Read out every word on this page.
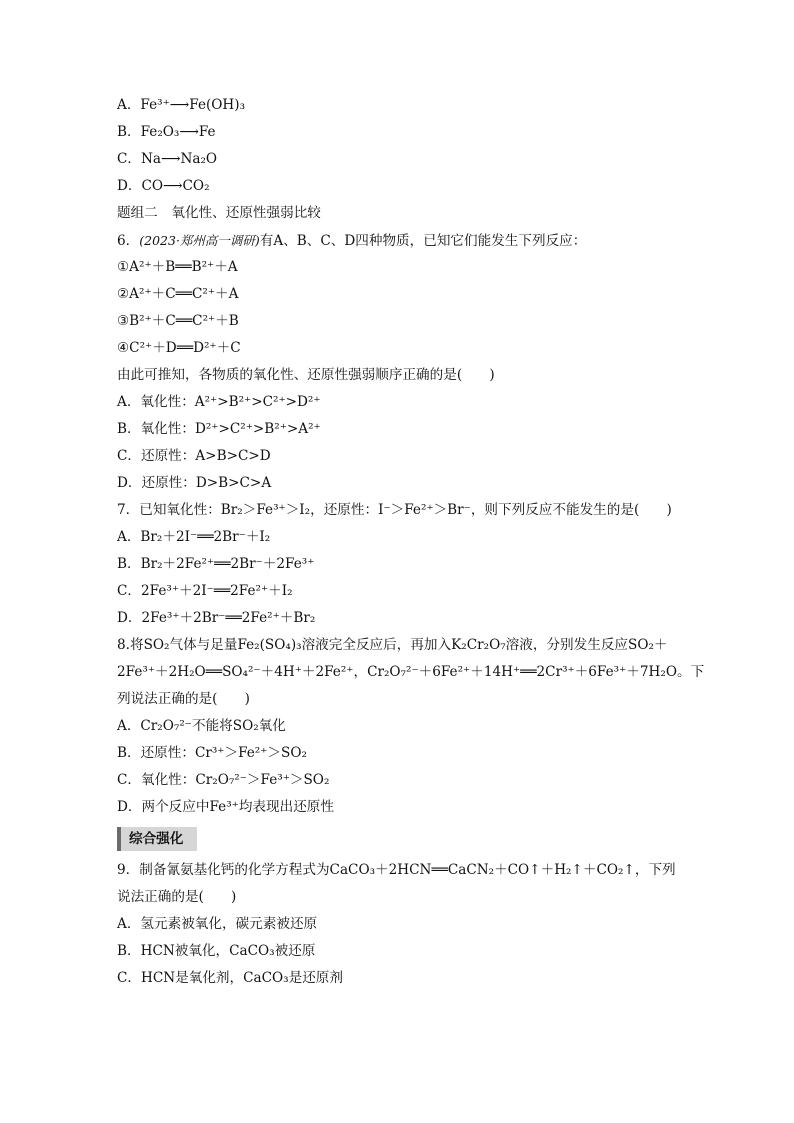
A．Fe³⁺⟶Fe(OH)₃
B．Fe₂O₃⟶Fe
C．Na⟶Na₂O
D．CO⟶CO₂
题组二　氧化性、还原性强弱比较
6．(2023·郑州高一调研)有A、B、C、D四种物质，已知它们能发生下列反应：
①A²⁺＋B══B²⁺＋A
②A²⁺＋C══C²⁺＋A
③B²⁺＋C══C²⁺＋B
④C²⁺＋D══D²⁺＋C
由此可推知，各物质的氧化性、还原性强弱顺序正确的是(　　)
A．氧化性：A²⁺>B²⁺>C²⁺>D²⁺
B．氧化性：D²⁺>C²⁺>B²⁺>A²⁺
C．还原性：A>B>C>D
D．还原性：D>B>C>A
7．已知氧化性：Br₂＞Fe³⁺＞I₂，还原性：I⁻＞Fe²⁺＞Br⁻，则下列反应不能发生的是(　　)
A．Br₂＋2I⁻══2Br⁻＋I₂
B．Br₂＋2Fe²⁺══2Br⁻＋2Fe³⁺
C．2Fe³⁺＋2I⁻══2Fe²⁺＋I₂
D．2Fe³⁺＋2Br⁻══2Fe²⁺＋Br₂
8.将SO₂气体与足量Fe₂(SO₄)₃溶液完全反应后，再加入K₂Cr₂O₇溶液，分别发生反应SO₂＋
2Fe³⁺＋2H₂O══SO₄²⁻＋4H⁺＋2Fe²⁺，Cr₂O₇²⁻＋6Fe²⁺＋14H⁺══2Cr³⁺＋6Fe³⁺＋7H₂O。下
列说法正确的是(　　)
A．Cr₂O₇²⁻不能将SO₂氧化
B．还原性：Cr³⁺＞Fe²⁺＞SO₂
C．氧化性：Cr₂O₇²⁻＞Fe³⁺＞SO₂
D．两个反应中Fe³⁺均表现出还原性
综合强化
9．制备氰氨基化钙的化学方程式为CaCO₃＋2HCN══CaCN₂＋CO↑＋H₂↑＋CO₂↑，下列
说法正确的是(　　)
A．氢元素被氧化，碳元素被还原
B．HCN被氧化，CaCO₃被还原
C．HCN是氧化剂，CaCO₃是还原剂
